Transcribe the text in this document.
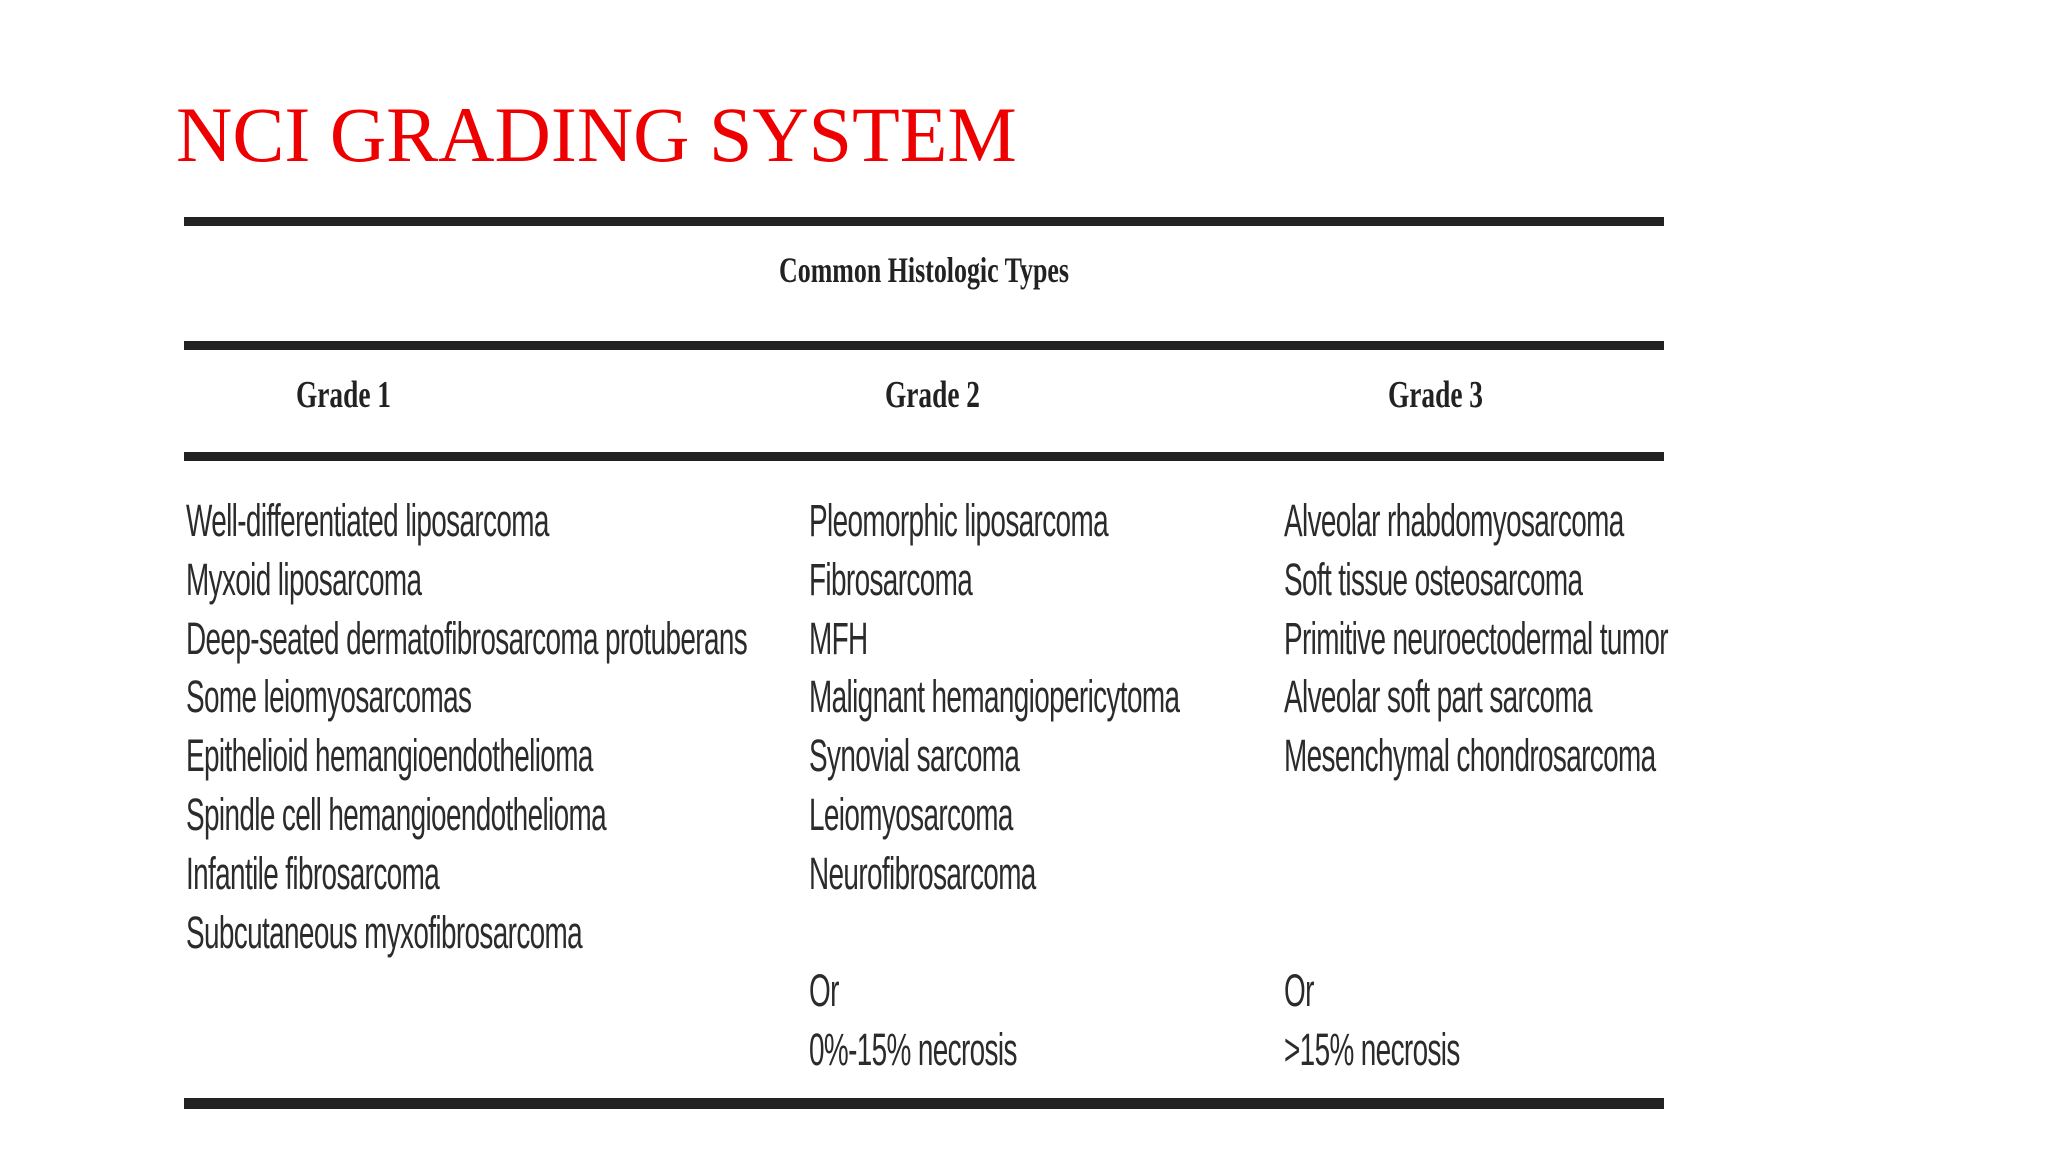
NCI GRADING SYSTEM
Common Histologic Types
Grade 1	Grade 2	Grade 3
Well-differentiated liposarcoma
Myxoid liposarcoma
Deep-seated dermatofibrosarcoma protuberans
Some leiomyosarcomas
Epithelioid hemangioendothelioma
Spindle cell hemangioendothelioma
Infantile fibrosarcoma
Subcutaneous myxofibrosarcoma
Pleomorphic liposarcoma
Fibrosarcoma
MFH
Malignant hemangiopericytoma
Synovial sarcoma
Leiomyosarcoma
Neurofibrosarcoma
Alveolar rhabdomyosarcoma
Soft tissue osteosarcoma
Primitive neuroectodermal tumor
Alveolar soft part sarcoma
Mesenchymal chondrosarcoma
Or
0%-15% necrosis
Or
>15% necrosis
